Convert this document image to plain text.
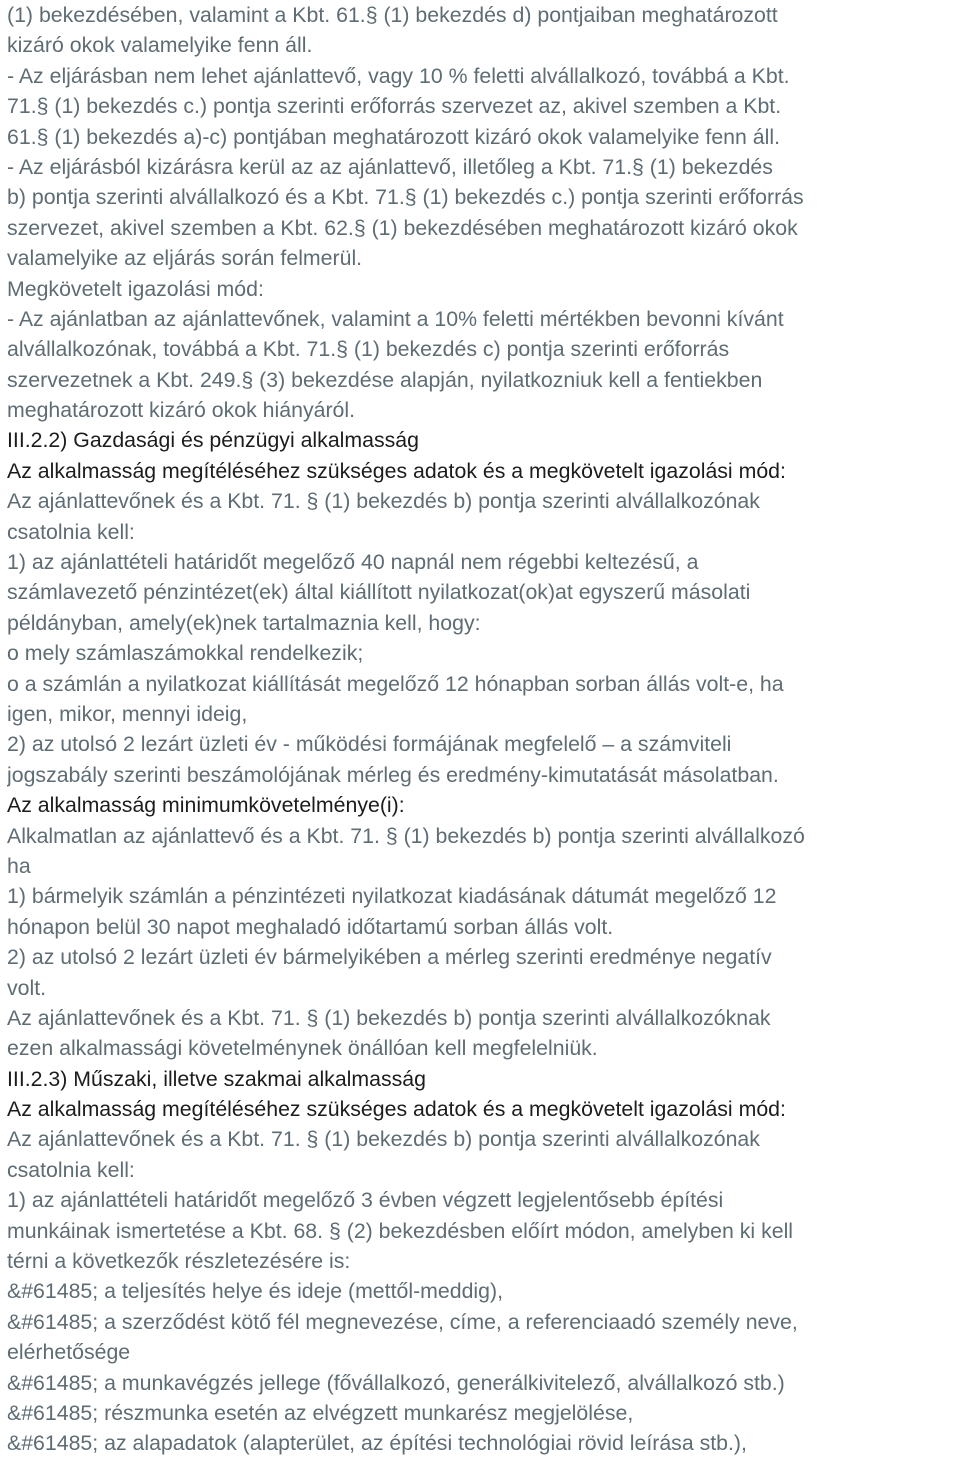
(1) bekezdésében, valamint a Kbt. 61.§ (1) bekezdés d) pontjaiban meghatározott
kizáró okok valamelyike fenn áll.
- Az eljárásban nem lehet ajánlattevő, vagy 10 % feletti alvállalkozó, továbbá a Kbt.
71.§ (1) bekezdés c.) pontja szerinti erőforrás szervezet az, akivel szemben a Kbt.
61.§ (1) bekezdés a)-c) pontjában meghatározott kizáró okok valamelyike fenn áll.
- Az eljárásból kizárásra kerül az az ajánlattevő, illetőleg a Kbt. 71.§ (1) bekezdés
b) pontja szerinti alvállalkozó és a Kbt. 71.§ (1) bekezdés c.) pontja szerinti erőforrás
szervezet, akivel szemben a Kbt. 62.§ (1) bekezdésében meghatározott kizáró okok
valamelyike az eljárás során felmerül.
Megkövetelt igazolási mód:
- Az ajánlatban az ajánlattevőnek, valamint a 10% feletti mértékben bevonni kívánt
alvállalkozónak, továbbá a Kbt. 71.§ (1) bekezdés c) pontja szerinti erőforrás
szervezetnek a Kbt. 249.§ (3) bekezdése alapján, nyilatkozniuk kell a fentiekben
meghatározott kizáró okok hiányáról.
III.2.2) Gazdasági és pénzügyi alkalmasság
Az alkalmasság megítéléséhez szükséges adatok és a megkövetelt igazolási mód:
Az ajánlattevőnek és a Kbt. 71. § (1) bekezdés b) pontja szerinti alvállalkozónak
csatolnia kell:
1) az ajánlattételi határidőt megelőző 40 napnál nem régebbi keltezésű, a
számlavezető pénzintézet(ek) által kiállított nyilatkozat(ok)at egyszerű másolati
példányban, amely(ek)nek tartalmaznia kell, hogy:
o mely számlaszámokkal rendelkezik;
o a számlán a nyilatkozat kiállítását megelőző 12 hónapban sorban állás volt-e, ha
igen, mikor, mennyi ideig,
2) az utolsó 2 lezárt üzleti év - működési formájának megfelelő – a számviteli
jogszabály szerinti beszámolójának mérleg és eredmény-kimutatását másolatban.
Az alkalmasság minimumkövetelménye(i):
Alkalmatlan az ajánlattevő és a Kbt. 71. § (1) bekezdés b) pontja szerinti alvállalkozó
ha
1) bármelyik számlán a pénzintézeti nyilatkozat kiadásának dátumát megelőző 12
hónapon belül 30 napot meghaladó időtartamú sorban állás volt.
2) az utolsó 2 lezárt üzleti év bármelyikében a mérleg szerinti eredménye negatív
volt.
Az ajánlattevőnek és a Kbt. 71. § (1) bekezdés b) pontja szerinti alvállalkozóknak
ezen alkalmassági követelménynek önállóan kell megfelelniük.
III.2.3) Műszaki, illetve szakmai alkalmasság
Az alkalmasság megítéléséhez szükséges adatok és a megkövetelt igazolási mód:
Az ajánlattevőnek és a Kbt. 71. § (1) bekezdés b) pontja szerinti alvállalkozónak
csatolnia kell:
1) az ajánlattételi határidőt megelőző 3 évben végzett legjelentősebb építési
munkáinak ismertetése a Kbt. 68. § (2) bekezdésben előírt módon, amelyben ki kell
térni a következők részletezésére is:
&#61485; a teljesítés helye és ideje (mettől-meddig),
&#61485; a szerződést kötő fél megnevezése, címe, a referenciaadó személy neve,
elérhetősége
&#61485; a munkavégzés jellege (fővállalkozó, generálkivitelező, alvállalkozó stb.)
&#61485; részmunka esetén az elvégzett munkarész megjelölése,
&#61485; az alapadatok (alapterület, az építési technológiai rövid leírása stb.),
